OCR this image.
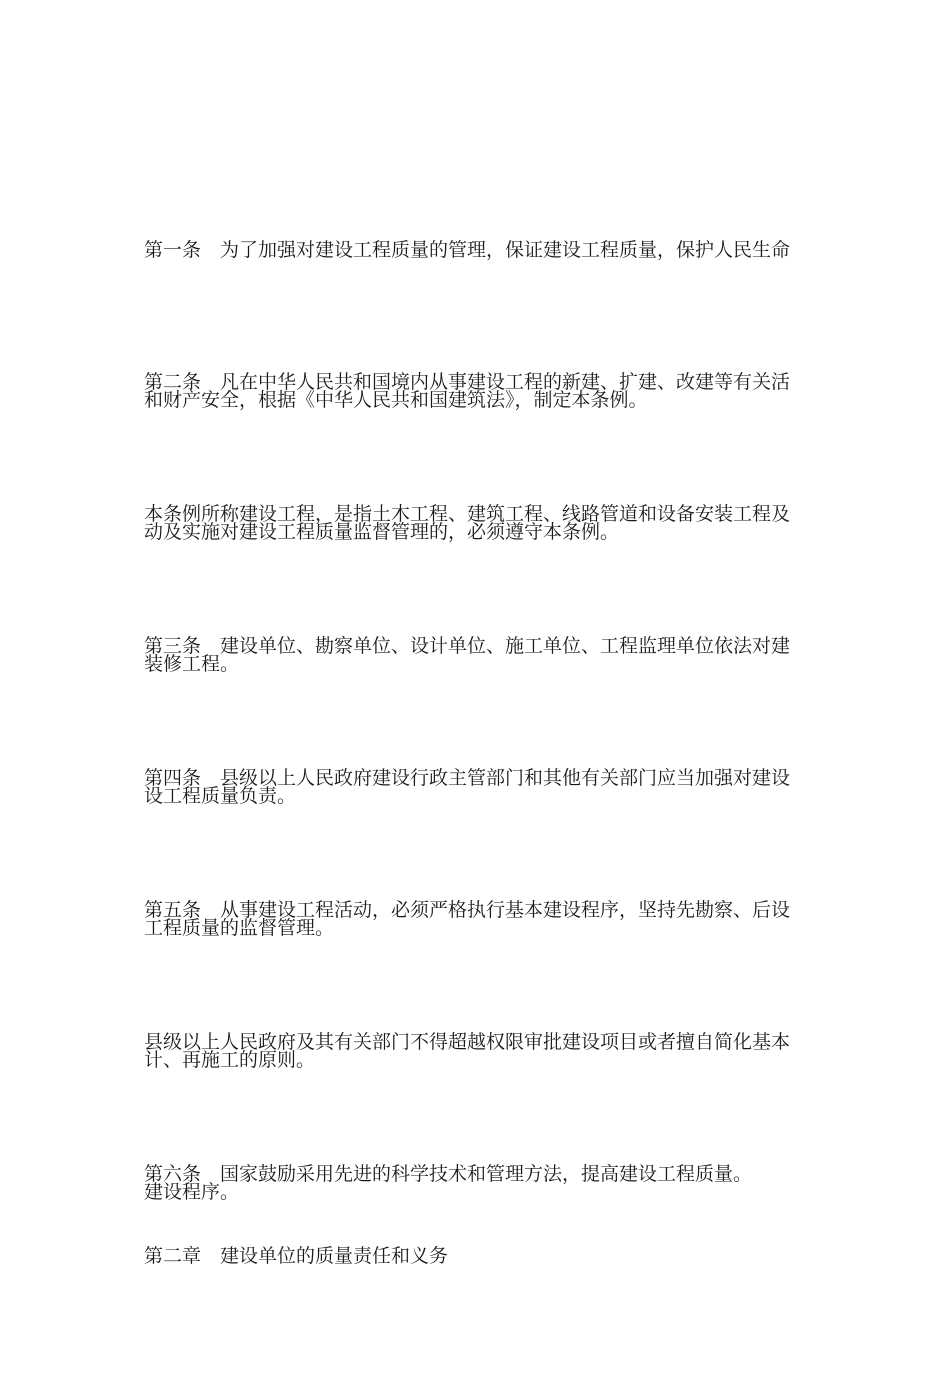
第一条　为了加强对建设工程质量的管理，保证建设工程质量，保护人民生命

和财产安全，根据《中华人民共和国建筑法》，制定本条例。

第二条　凡在中华人民共和国境内从事建设工程的新建、扩建、改建等有关活

动及实施对建设工程质量监督管理的，必须遵守本条例。

本条例所称建设工程，是指土木工程、建筑工程、线路管道和设备安装工程及

装修工程。

第三条　建设单位、勘察单位、设计单位、施工单位、工程监理单位依法对建

设工程质量负责。

第四条　县级以上人民政府建设行政主管部门和其他有关部门应当加强对建设

工程质量的监督管理。

第五条　从事建设工程活动，必须严格执行基本建设程序，坚持先勘察、后设

计、再施工的原则。

县级以上人民政府及其有关部门不得超越权限审批建设项目或者擅自简化基本

建设程序。

第六条　国家鼓励采用先进的科学技术和管理方法，提高建设工程质量。

第二章　建设单位的质量责任和义务
